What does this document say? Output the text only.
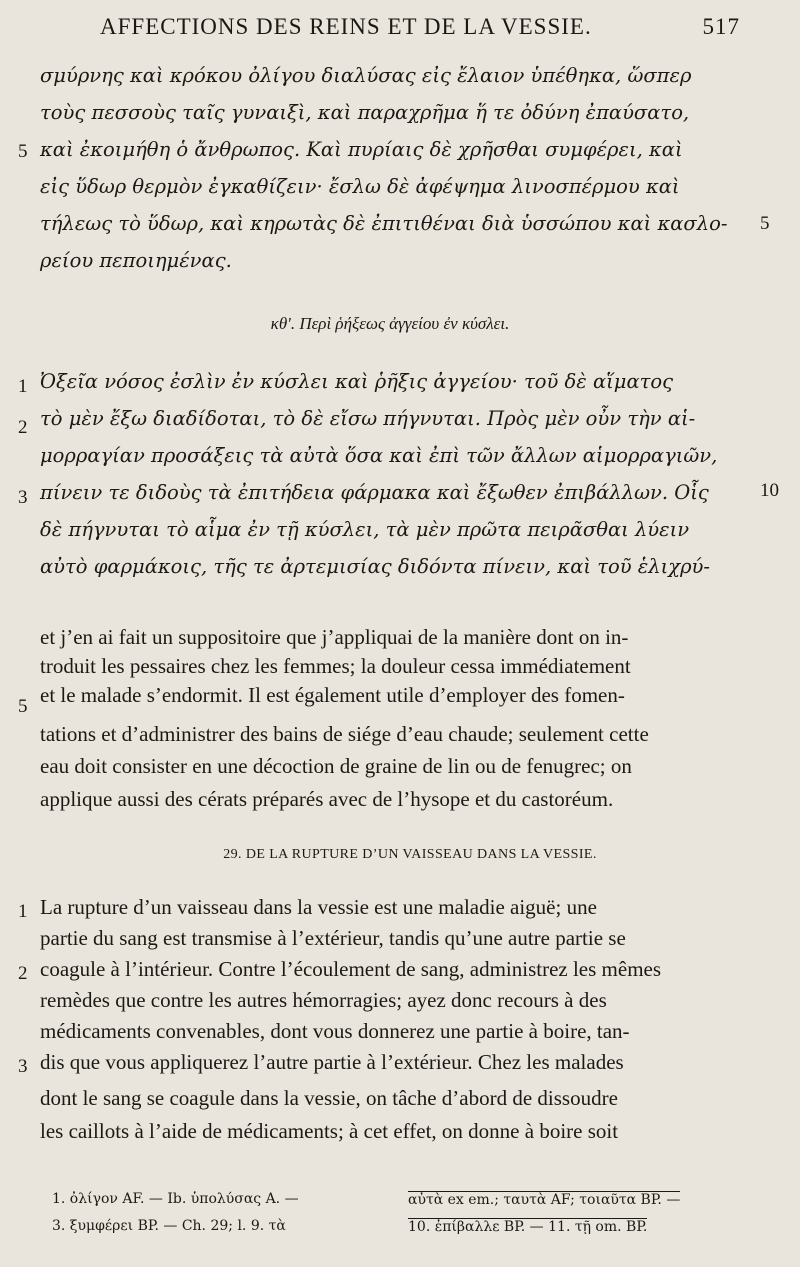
AFFECTIONS DES REINS ET DE LA VESSIE.	517
σμύρνης καὶ κρόκου ὀλίγου διαλύσας εἰς ἔλαιον ὑπέθηκα, ὥσπερ
τοὺς πεσσοὺς ταῖς γυναιξὶ, καὶ παραχρῆμα ἥ τε ὀδύνη ἐπαύσατο,
καὶ ἐκοιμήθη ὁ ἄνθρωπος. Καὶ πυρίαις δὲ χρῆσθαι συμφέρει, καὶ
εἰς ὕδωρ θερμὸν ἐγκαθίζειν· ἔσλω δὲ ἀφέψημα λινοσπέρμου καὶ
τήλεως τὸ ὕδωρ, καὶ κηρωτὰς δὲ ἐπιτιθέναι διὰ ὑσσώπου καὶ κασλο-
ρείου πεποιημένας.
5
5
κθʹ. Περὶ ῥήξεως ἀγγείου ἐν κύσλει.
Ὀξεῖα νόσος ἐσλὶν ἐν κύσλει καὶ ῥῆξις ἀγγείου· τοῦ δὲ αἵματος
τὸ μὲν ἔξω διαδίδοται, τὸ δὲ εἴσω πήγνυται. Πρὸς μὲν οὖν τὴν αἱ-
μορραγίαν προσάξεις τὰ αὐτὰ ὅσα καὶ ἐπὶ τῶν ἄλλων αἱμορραγιῶν,
πίνειν τε διδοὺς τὰ ἐπιτήδεια φάρμακα καὶ ἔξωθεν ἐπιβάλλων. Οἷς
δὲ πήγνυται τὸ αἷμα ἐν τῇ κύσλει, τὰ μὲν πρῶτα πειρᾶσθαι λύειν
αὐτὸ φαρμάκοις, τῆς τε ἀρτεμισίας διδόντα πίνειν, καὶ τοῦ ἑλιχρύ-
1
2
3	10
et j’en ai fait un suppositoire que j’appliquai de la manière dont on in-
troduit les pessaires chez les femmes; la douleur cessa immédiatement
et le malade s’endormit. Il est également utile d’employer des fomen-
tations et d’administrer des bains de siége d’eau chaude; seulement cette
eau doit consister en une décoction de graine de lin ou de fenugrec; on
applique aussi des cérats préparés avec de l’hysope et du castoréum.
5
29. DE LA RUPTURE D’UN VAISSEAU DANS LA VESSIE.
La rupture d’un vaisseau dans la vessie est une maladie aiguë; une
partie du sang est transmise à l’extérieur, tandis qu’une autre partie se
coagule à l’intérieur. Contre l’écoulement de sang, administrez les mêmes
remèdes que contre les autres hémorragies; ayez donc recours à des
médicaments convenables, dont vous donnerez une partie à boire, tan-
dis que vous appliquerez l’autre partie à l’extérieur. Chez les malades
dont le sang se coagule dans la vessie, on tâche d’abord de dissoudre
les caillots à l’aide de médicaments; à cet effet, on donne à boire soit
1
2
3
1. ὀλίγον AF. — Ib. ὑπολύσας A. —
3. ξυμφέρει BP. — Ch. 29; l. 9. τὰ
αὐτὰ ex em.; ταυτὰ AF; τοιαῦτα BP. —
10. ἐπίβαλλε BP. — 11. τῇ om. BP.
